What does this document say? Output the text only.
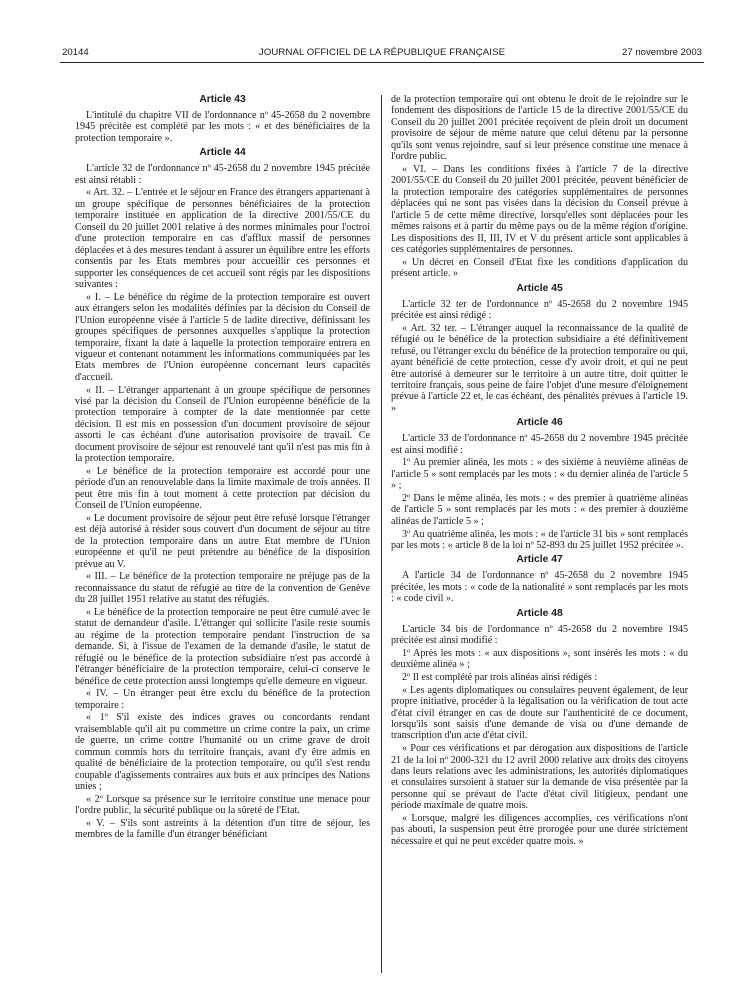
20144	JOURNAL OFFICIEL DE LA RÉPUBLIQUE FRANÇAISE	27 novembre 2003
Article 43

L'intitulé du chapitre VII de l'ordonnance nº 45-2658 du 2 novembre 1945 précitée est complété par les mots : « et des bénéficiaires de la protection temporaire ».

Article 44

L'article 32 de l'ordonnance nº 45-2658 du 2 novembre 1945 précitée est ainsi rétabli :

« Art. 32. – L'entrée et le séjour en France des étrangers appartenant à un groupe spécifique de personnes bénéficiaires de la protection temporaire instituée en application de la directive 2001/55/CE du Conseil du 20 juillet 2001 relative à des normes minimales pour l'octroi d'une protection temporaire en cas d'afflux massif de personnes déplacées et à des mesures tendant à assurer un équilibre entre les efforts consentis par les Etats membres pour accueillir ces personnes et supporter les conséquences de cet accueil sont régis par les dispositions suivantes :

« I. – Le bénéfice du régime de la protection temporaire est ouvert aux étrangers selon les modalités définies par la décision du Conseil de l'Union européenne visée à l'article 5 de ladite directive, définissant les groupes spécifiques de personnes auxquelles s'applique la protection temporaire, fixant la date à laquelle la protection temporaire entrera en vigueur et contenant notamment les informations communiquées par les Etats membres de l'Union européenne concernant leurs capacités d'accueil.

« II. – L'étranger appartenant à un groupe spécifique de personnes visé par la décision du Conseil de l'Union européenne bénéficie de la protection temporaire à compter de la date mentionnée par cette décision. Il est mis en possession d'un document provisoire de séjour assorti le cas échéant d'une autorisation provisoire de travail. Ce document provisoire de séjour est renouvelé tant qu'il n'est pas mis fin à la protection temporaire.

« Le bénéfice de la protection temporaire est accordé pour une période d'un an renouvelable dans la limite maximale de trois années. Il peut être mis fin à tout moment à cette protection par décision du Conseil de l'Union européenne.

« Le document provisoire de séjour peut être refusé lorsque l'étranger est déjà autorisé à résider sous couvert d'un document de séjour au titre de la protection temporaire dans un autre Etat membre de l'Union européenne et qu'il ne peut prétendre au bénéfice de la disposition prévue au V.

« III. – Le bénéfice de la protection temporaire ne préjuge pas de la reconnaissance du statut de réfugié au titre de la convention de Genève du 28 juillet 1951 relative au statut des réfugiés.

« Le bénéfice de la protection temporaire ne peut être cumulé avec le statut de demandeur d'asile. L'étranger qui sollicite l'asile reste soumis au régime de la protection temporaire pendant l'instruction de sa demande. Si, à l'issue de l'examen de la demande d'asile, le statut de réfugié ou le bénéfice de la protection subsidiaire n'est pas accordé à l'étranger bénéficiaire de la protection temporaire, celui-ci conserve le bénéfice de cette protection aussi longtemps qu'elle demeure en vigueur.

« IV. – Un étranger peut être exclu du bénéfice de la protection temporaire :

« 1º S'il existe des indices graves ou concordants rendant vraisemblable qu'il ait pu commettre un crime contre la paix, un crime de guerre, un crime contre l'humanité ou un crime grave de droit commun commis hors du territoire français, avant d'y être admis en qualité de bénéficiaire de la protection temporaire, ou qu'il s'est rendu coupable d'agissements contraires aux buts et aux principes des Nations unies ;

« 2º Lorsque sa présence sur le territoire constitue une menace pour l'ordre public, la sécurité publique ou la sûreté de l'Etat.

« V. – S'ils sont astreints à la détention d'un titre de séjour, les membres de la famille d'un étranger bénéficiant

de la protection temporaire qui ont obtenu le droit de le rejoindre sur le fondement des dispositions de l'article 15 de la directive 2001/55/CE du Conseil du 20 juillet 2001 précitée reçoivent de plein droit un document provisoire de séjour de même nature que celui détenu par la personne qu'ils sont venus rejoindre, sauf si leur présence constitue une menace à l'ordre public.

« VI. – Dans les conditions fixées à l'article 7 de la directive 2001/55/CE du Conseil du 20 juillet 2001 précitée, peuvent bénéficier de la protection temporaire des catégories supplémentaires de personnes déplacées qui ne sont pas visées dans la décision du Conseil prévue à l'article 5 de cette même directive, lorsqu'elles sont déplacées pour les mêmes raisons et à partir du même pays ou de la même région d'origine. Les dispositions des II, III, IV et V du présent article sont applicables à ces catégories supplémentaires de personnes.

« Un décret en Conseil d'Etat fixe les conditions d'application du présent article. »

Article 45

L'article 32 ter de l'ordonnance nº 45-2658 du 2 novembre 1945 précitée est ainsi rédigé :

« Art. 32 ter. – L'étranger auquel la reconnaissance de la qualité de réfugié ou le bénéfice de la protection subsidiaire a été définitivement refusé, ou l'étranger exclu du bénéfice de la protection temporaire ou qui, ayant bénéficié de cette protection, cesse d'y avoir droit, et qui ne peut être autorisé à demeurer sur le territoire à un autre titre, doit quitter le territoire français, sous peine de faire l'objet d'une mesure d'éloignement prévue à l'article 22 et, le cas échéant, des pénalités prévues à l'article 19. »

Article 46

L'article 33 de l'ordonnance nº 45-2658 du 2 novembre 1945 précitée est ainsi modifié :

1º Au premier alinéa, les mots : « des sixième à neuvième alinéas de l'article 5 » sont remplacés par les mots : « du dernier alinéa de l'article 5 » ;

2º Dans le même alinéa, les mots : « des premier à quatrième alinéas de l'article 5 » sont remplacés par les mots : « des premier à douzième alinéas de l'article 5 » ;

3º Au quatrième alinéa, les mots : « de l'article 31 bis » sont remplacés par les mots : « article 8 de la loi nº 52-893 du 25 juillet 1952 précitée ».

Article 47

A l'article 34 de l'ordonnance nº 45-2658 du 2 novembre 1945 précitée, les mots : « code de la nationalité » sont remplacés par les mots : « code civil ».

Article 48

L'article 34 bis de l'ordonnance nº 45-2658 du 2 novembre 1945 précitée est ainsi modifié :

1º Après les mots : « aux dispositions », sont insérés les mots : « du deuxième alinéa » ;

2º Il est complété par trois alinéas ainsi rédigés :

« Les agents diplomatiques ou consulaires peuvent également, de leur propre initiative, procéder à la légalisation ou la vérification de tout acte d'état civil étranger en cas de doute sur l'authenticité de ce document, lorsqu'ils sont saisis d'une demande de visa ou d'une demande de transcription d'un acte d'état civil.

« Pour ces vérifications et par dérogation aux dispositions de l'article 21 de la loi nº 2000-321 du 12 avril 2000 relative aux droits des citoyens dans leurs relations avec les administrations, les autorités diplomatiques et consulaires sursoient à statuer sur la demande de visa présentée par la personne qui se prévaut de l'acte d'état civil litigieux, pendant une période maximale de quatre mois.

« Lorsque, malgré les diligences accomplies, ces vérifications n'ont pas abouti, la suspension peut être prorogée pour une durée strictement nécessaire et qui ne peut excéder quatre mois. »
